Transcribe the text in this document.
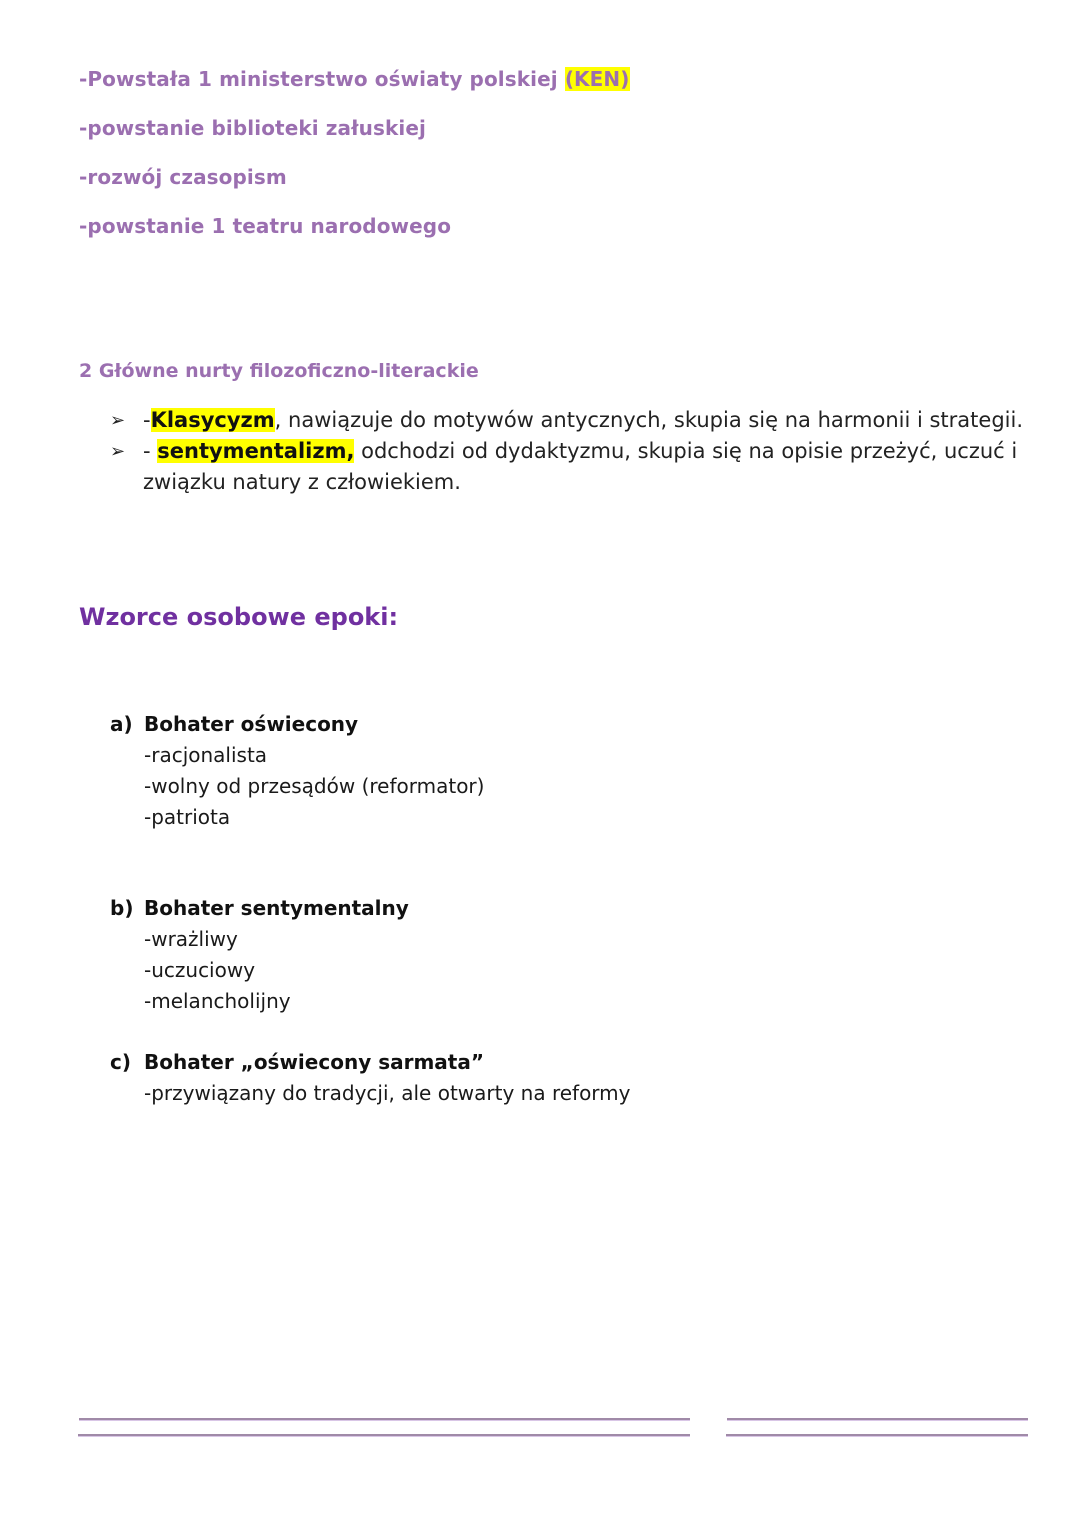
-Powstała 1 ministerstwo oświaty polskiej (KEN)
-powstanie biblioteki załuskiej
-rozwój czasopism
-powstanie 1 teatru narodowego
2 Główne nurty filozoficzno-literackie
➢ -Klasycyzm, nawiązuje do motywów antycznych, skupia się na harmonii i strategii.
➢ - sentymentalizm, odchodzi od dydaktyzmu, skupia się na opisie przeżyć, uczuć i związku natury z człowiekiem.
Wzorce osobowe epoki:
a) Bohater oświecony
-racjonalista
-wolny od przesądów (reformator)
-patriota
b) Bohater sentymentalny
-wrażliwy
-uczuciowy
-melancholijny
c) Bohater „oświecony sarmata”
-przywiązany do tradycji, ale otwarty na reformy
